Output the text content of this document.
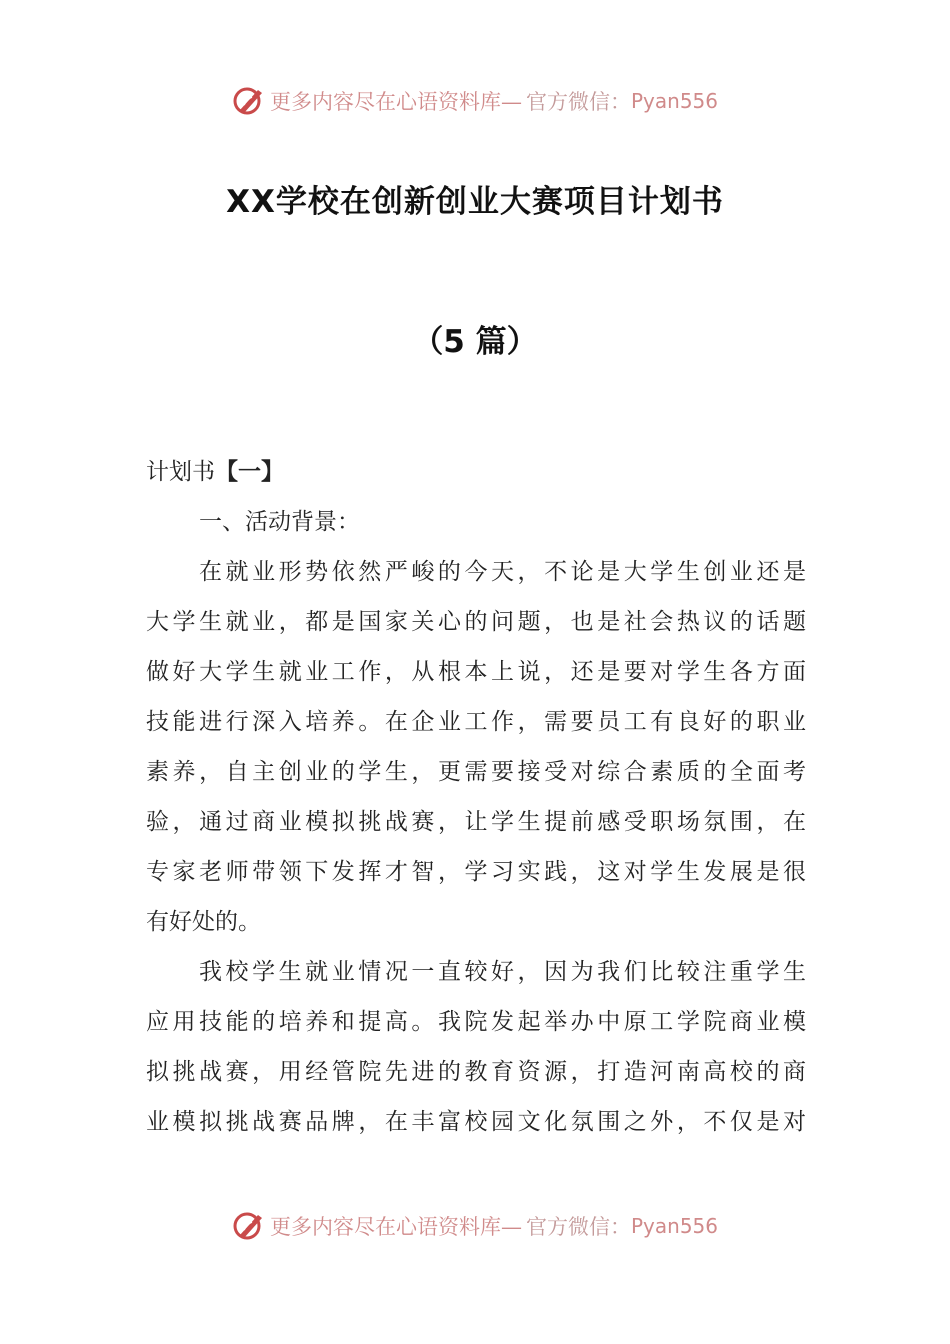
更多内容尽在心语资料库— 官方微信： Pyan556
XX学校在创新创业大赛项目计划书
（5 篇）
计划书【一】
一、活动背景：
在就业形势依然严峻的今天，不论是大学生创业还是
大学生就业，都是国家关心的问题，也是社会热议的话题
做好大学生就业工作，从根本上说，还是要对学生各方面
技能进行深入培养。在企业工作，需要员工有良好的职业
素养，自主创业的学生，更需要接受对综合素质的全面考
验，通过商业模拟挑战赛，让学生提前感受职场氛围，在
专家老师带领下发挥才智，学习实践，这对学生发展是很
有好处的。
我校学生就业情况一直较好，因为我们比较注重学生
应用技能的培养和提高。我院发起举办中原工学院商业模
拟挑战赛，用经管院先进的教育资源，打造河南高校的商
业模拟挑战赛品牌，在丰富校园文化氛围之外，不仅是对
更多内容尽在心语资料库— 官方微信： Pyan556
